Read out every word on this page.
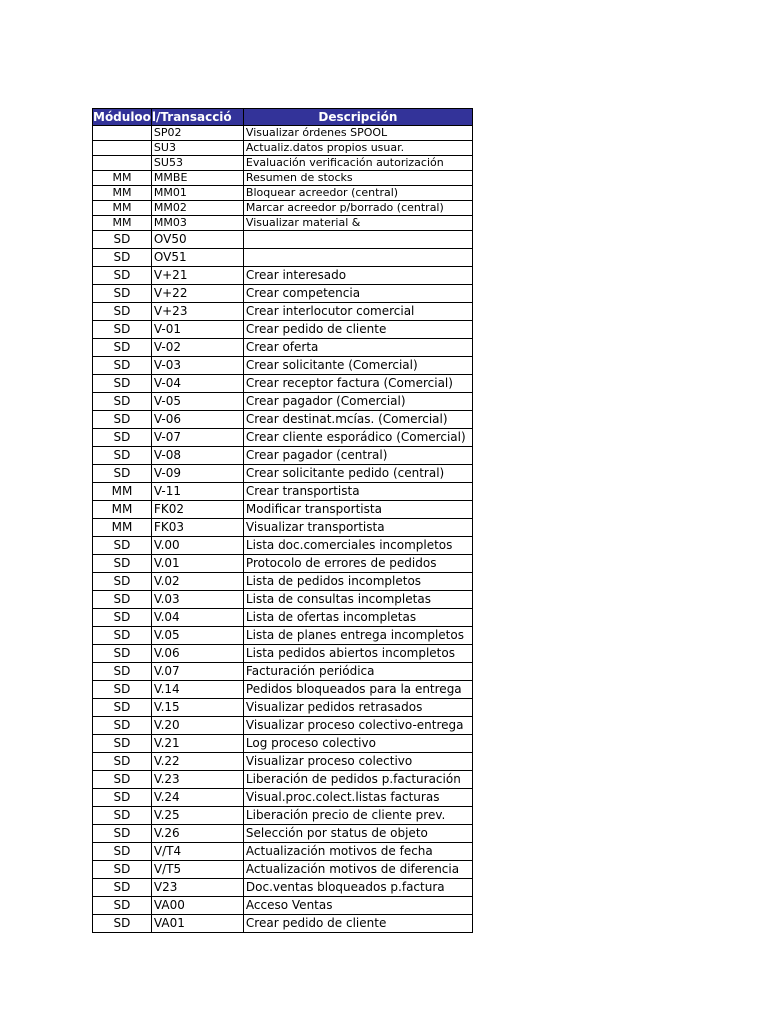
Móduloo	l/Transacció	Descripción
	SP02	Visualizar órdenes SPOOL
	SU3	Actualiz.datos propios usuar.
	SU53	Evaluación verificación autorización
MM	MMBE	Resumen de stocks
MM	MM01	Bloquear acreedor (central)
MM	MM02	Marcar acreedor p/borrado (central)
MM	MM03	Visualizar material &
SD	OV50	
SD	OV51	
SD	V+21	Crear interesado
SD	V+22	Crear competencia
SD	V+23	Crear interlocutor comercial
SD	V-01	Crear pedido de cliente
SD	V-02	Crear oferta
SD	V-03	Crear solicitante (Comercial)
SD	V-04	Crear receptor factura (Comercial)
SD	V-05	Crear pagador (Comercial)
SD	V-06	Crear destinat.mcías. (Comercial)
SD	V-07	Crear cliente esporádico (Comercial)
SD	V-08	Crear pagador (central)
SD	V-09	Crear solicitante pedido (central)
MM	V-11	Crear transportista
MM	FK02	Modificar transportista
MM	FK03	Visualizar transportista
SD	V.00	Lista doc.comerciales incompletos
SD	V.01	Protocolo de errores de pedidos
SD	V.02	Lista de pedidos incompletos
SD	V.03	Lista de consultas incompletas
SD	V.04	Lista de ofertas incompletas
SD	V.05	Lista de planes entrega incompletos
SD	V.06	Lista pedidos abiertos incompletos
SD	V.07	Facturación periódica
SD	V.14	Pedidos bloqueados para la entrega
SD	V.15	Visualizar pedidos retrasados
SD	V.20	Visualizar proceso colectivo-entrega
SD	V.21	Log proceso colectivo
SD	V.22	Visualizar proceso colectivo
SD	V.23	Liberación de pedidos p.facturación
SD	V.24	Visual.proc.colect.listas facturas
SD	V.25	Liberación precio de cliente prev.
SD	V.26	Selección por status de objeto
SD	V/T4	Actualización motivos de fecha
SD	V/T5	Actualización motivos de diferencia
SD	V23	Doc.ventas bloqueados p.factura
SD	VA00	Acceso Ventas
SD	VA01	Crear pedido de cliente
